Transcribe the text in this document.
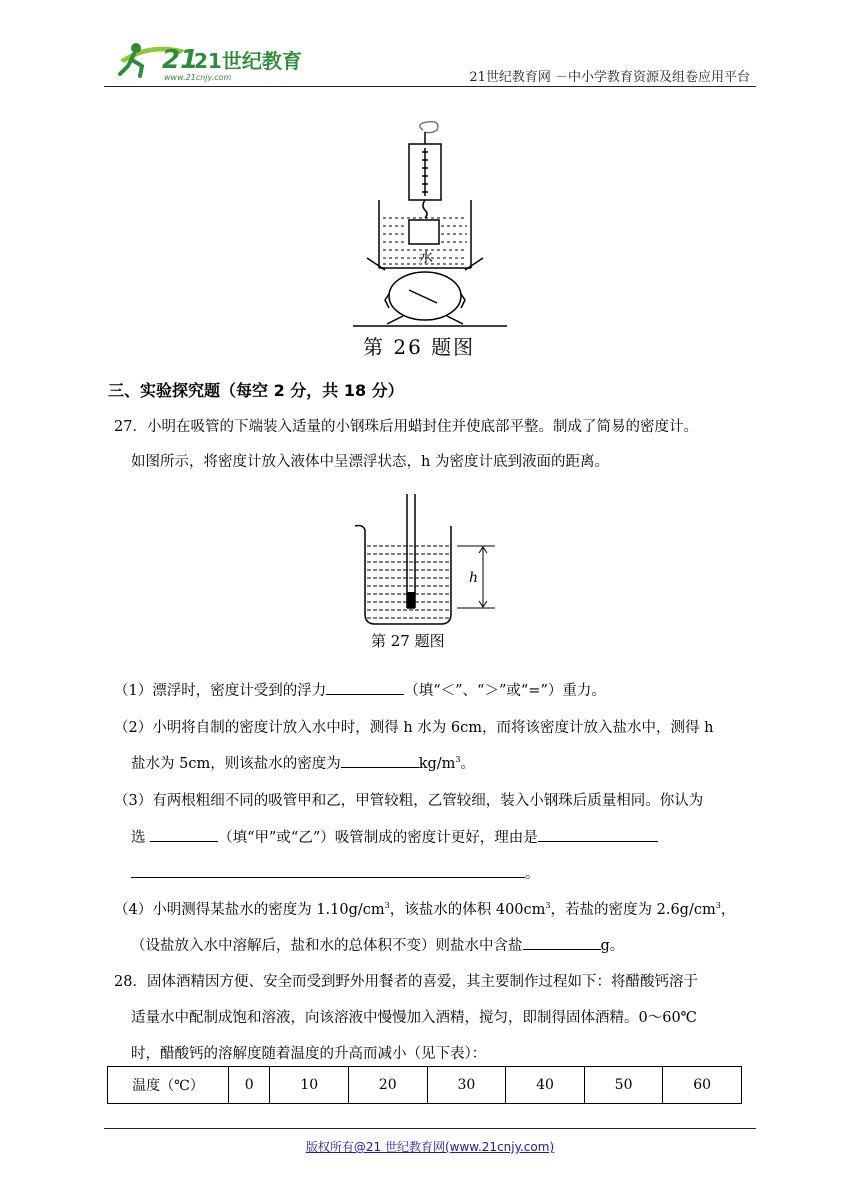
21
21世纪教育
www.21cnjy.com	21世纪教育网 －中小学教育资源及组卷应用平台
水
第 26 题图
三、实验探究题（每空 2 分，共 18 分）
27．小明在吸管的下端装入适量的小钢珠后用蜡封住并使底部平整。制成了简易的密度计。
如图所示，将密度计放入液体中呈漂浮状态，h 为密度计底到液面的距离。
h
第 27 题图
（1）漂浮时，密度计受到的浮力	（填“＜”、“＞”或“=”）重力。
（2）小明将自制的密度计放入水中时，测得 h 水为 6cm，而将该密度计放入盐水中，测得 h
盐水为 5cm，则该盐水的密度为	$kg/m^3$。
（3）有两根粗细不同的吸管甲和乙，甲管较粗，乙管较细，装入小钢珠后质量相同。你认为
选	（填“甲”或“乙”）吸管制成的密度计更好，理由是
。
（4）小明测得某盐水的密度为 $1.10g/cm^3$，该盐水的体积 $400cm^3$，若盐的密度为 $2.6g/cm^3$，
（设盐放入水中溶解后，盐和水的总体积不变）则盐水中含盐	g。
28．固体酒精因方便、安全而受到野外用餐者的喜爱，其主要制作过程如下：将醋酸钙溶于
适量水中配制成饱和溶液，向该溶液中慢慢加入酒精，搅匀，即制得固体酒精。0～60℃
时，醋酸钙的溶解度随着温度的升高而减小（见下表）：
温度（℃）	0	10	20	30	40	50	60
版权所有@21 世纪教育网(www.21cnjy.com)
